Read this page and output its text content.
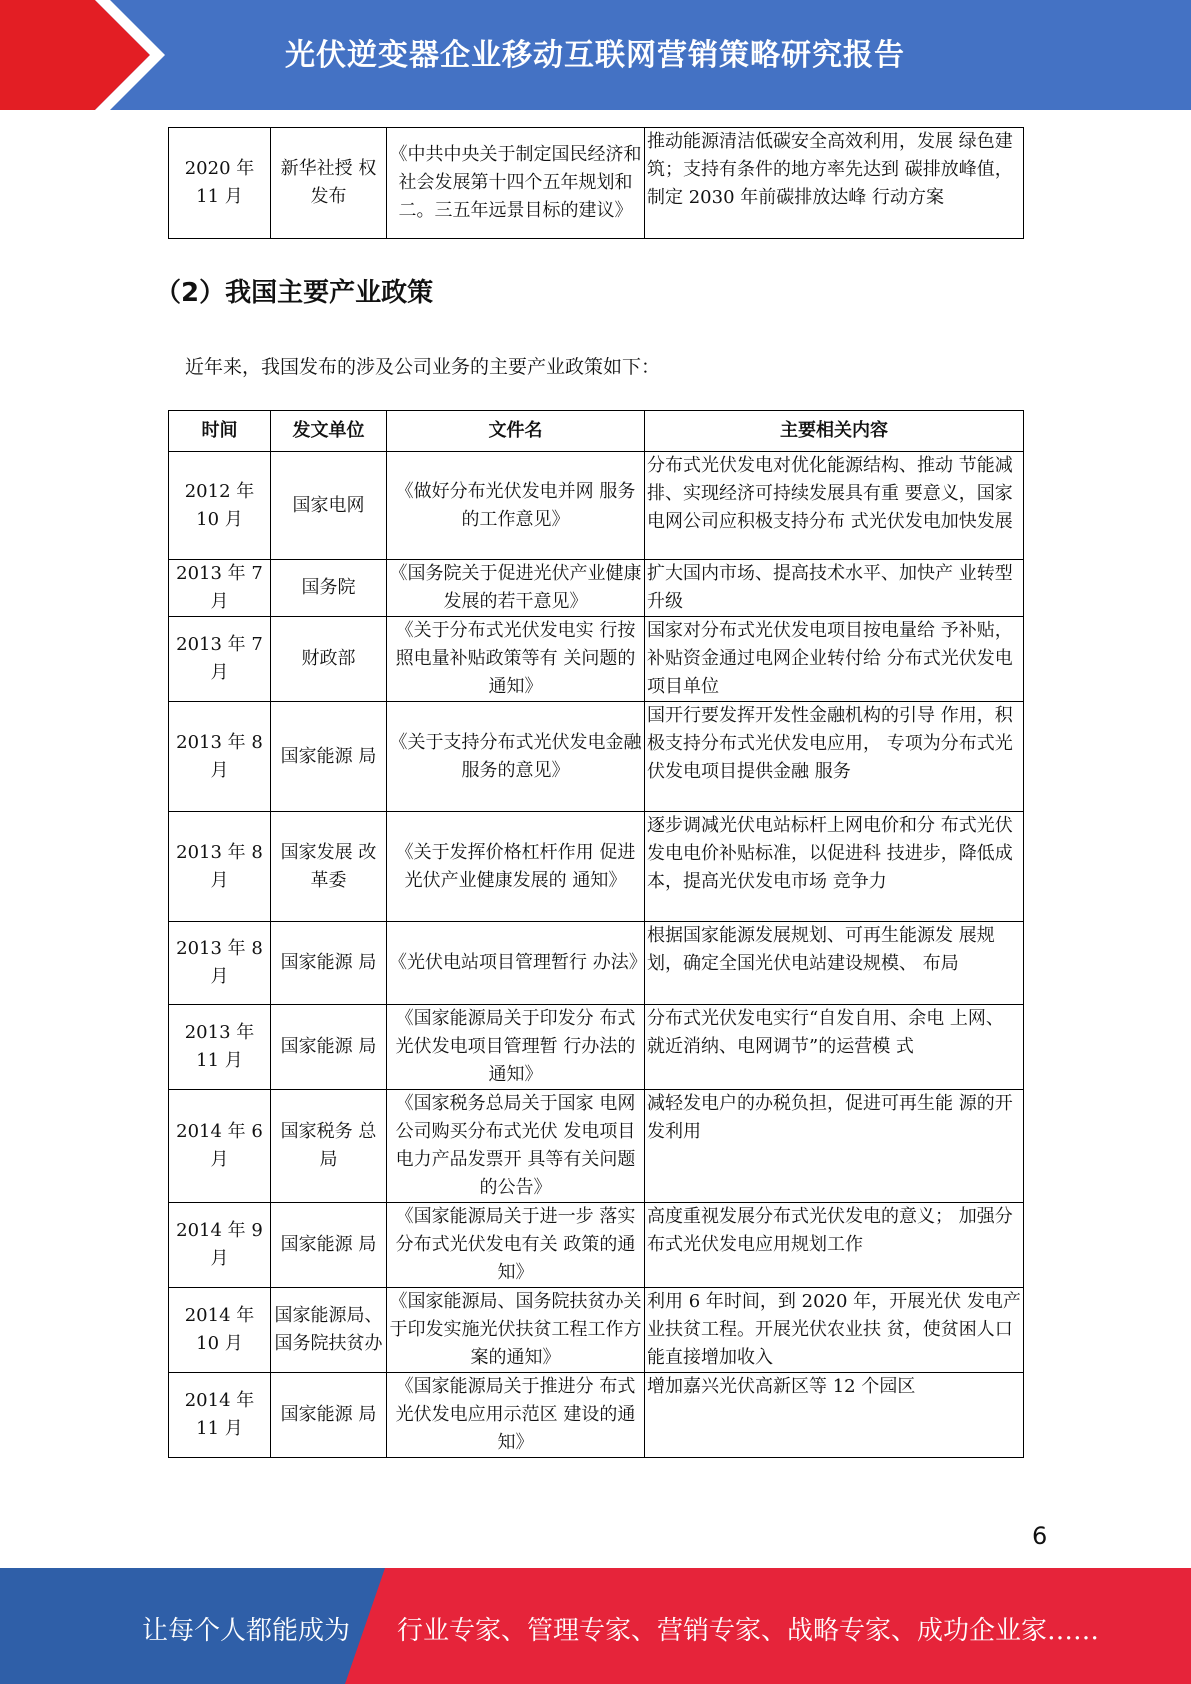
光伏逆变器企业移动互联网营销策略研究报告
2020 年 11 月	新华社授 权发布	《中共中央关于制定国民经济和社会发展第十四个五年规划和二。三五年远景目标的建议》	推动能源清洁低碳安全高效利用，发展 绿色建筑；支持有条件的地方率先达到 碳排放峰值，制定 2030 年前碳排放达峰 行动方案
（2）我国主要产业政策
近年来，我国发布的涉及公司业务的主要产业政策如下：
时间	发文单位	文件名	主要相关内容
2012 年 10 月	国家电网	《做好分布光伏发电并网 服务的工作意见》	分布式光伏发电对优化能源结构、推动 节能减排、实现经济可持续发展具有重 要意义，国家电网公司应积极支持分布 式光伏发电加快发展
2013 年 7 月	国务院	《国务院关于促进光伏产业健康发展的若干意见》	扩大国内市场、提高技术水平、加快产 业转型升级
2013 年 7 月	财政部	《关于分布式光伏发电实 行按照电量补贴政策等有 关问题的通知》	国家对分布式光伏发电项目按电量给 予补贴，补贴资金通过电网企业转付给 分布式光伏发电项目单位
2013 年 8 月	国家能源 局	《关于支持分布式光伏发电金融服务的意见》	国开行要发挥开发性金融机构的引导 作用，积极支持分布式光伏发电应用， 专项为分布式光伏发电项目提供金融 服务
2013 年 8 月	国家发展 改革委	《关于发挥价格杠杆作用 促进光伏产业健康发展的 通知》	逐步调减光伏电站标杆上网电价和分 布式光伏发电电价补贴标准，以促进科 技进步，降低成本，提高光伏发电市场 竞争力
2013 年 8 月	国家能源 局	《光伏电站项目管理暂行 办法》	根据国家能源发展规划、可再生能源发 展规划，确定全国光伏电站建设规模、 布局
2013 年 11 月	国家能源 局	《国家能源局关于印发分 布式光伏发电项目管理暂 行办法的通知》	分布式光伏发电实行“自发自用、余电 上网、就近消纳、电网调节”的运营模 式
2014 年 6 月	国家税务 总局	《国家税务总局关于国家 电网公司购买分布式光伏 发电项目电力产品发票开 具等有关问题的公告》	减轻发电户的办税负担，促进可再生能 源的开发利用
2014 年 9 月	国家能源 局	《国家能源局关于进一步 落实分布式光伏发电有关 政策的通知》	高度重视发展分布式光伏发电的意义； 加强分布式光伏发电应用规划工作
2014 年 10 月	国家能源局、国务院扶贫办	《国家能源局、国务院扶贫办关于印发实施光伏扶贫工程工作方案的通知》	利用 6 年时间，到 2020 年，开展光伏 发电产业扶贫工程。开展光伏农业扶 贫，使贫困人口能直接增加收入
2014 年 11 月	国家能源 局	《国家能源局关于推进分 布式光伏发电应用示范区 建设的通知》	增加嘉兴光伏高新区等 12 个园区
6
让每个人都能成为 行业专家、管理专家、营销专家、战略专家、成功企业家……
